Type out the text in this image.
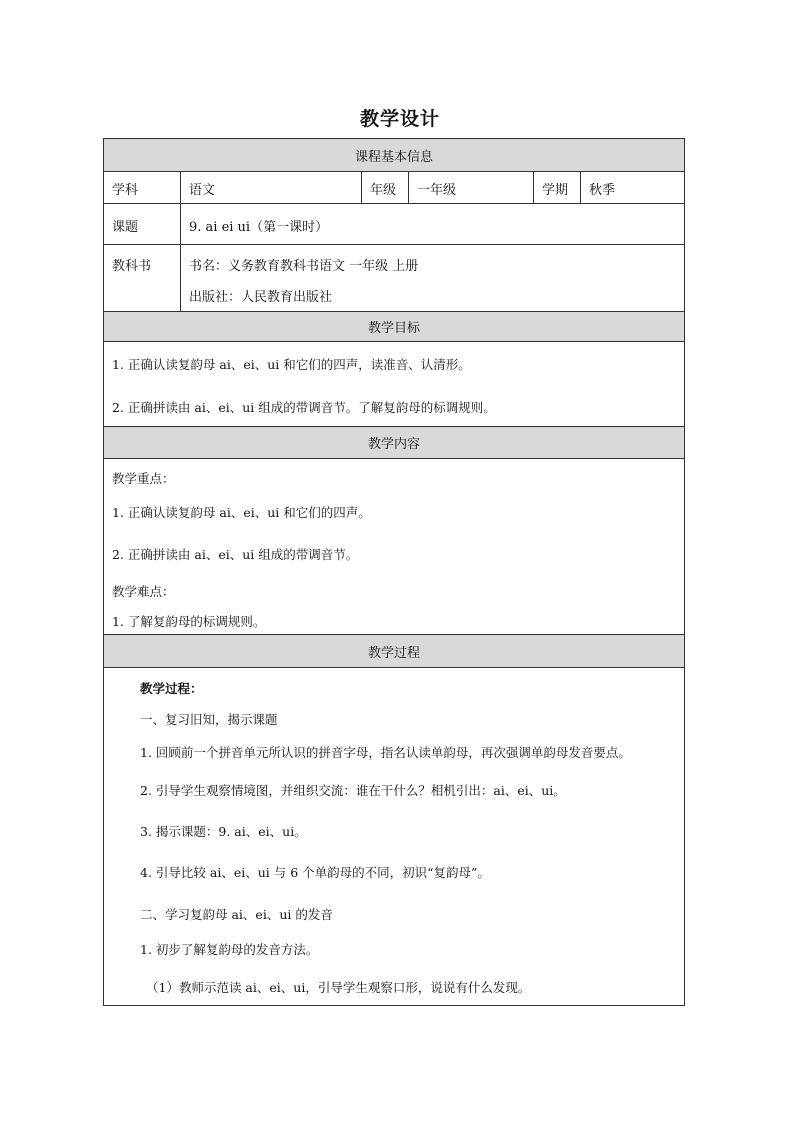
教学设计
课程基本信息
学科	语文	年级 一年级	学期 秋季
课题	9. ai ei ui（第一课时）
教科书	书名：义务教育教科书语文 一年级 上册
出版社：人民教育出版社
教学目标
1. 正确认读复韵母 ai、ei、ui 和它们的四声，读准音、认清形。
2. 正确拼读由 ai、ei、ui 组成的带调音节。了解复韵母的标调规则。
教学内容
教学重点：
1. 正确认读复韵母 ai、ei、ui 和它们的四声。
2. 正确拼读由 ai、ei、ui 组成的带调音节。
教学难点：
1. 了解复韵母的标调规则。
教学过程
教学过程：
一、复习旧知，揭示课题
1. 回顾前一个拼音单元所认识的拼音字母，指名认读单韵母，再次强调单韵母发音要点。
2. 引导学生观察情境图，并组织交流：谁在干什么？相机引出：ai、ei、ui。
3. 揭示课题：9. ai、ei、ui。
4. 引导比较 ai、ei、ui 与 6 个单韵母的不同，初识“复韵母”。
二、学习复韵母 ai、ei、ui 的发音
1. 初步了解复韵母的发音方法。
（1）教师示范读 ai、ei、ui，引导学生观察口形，说说有什么发现。
